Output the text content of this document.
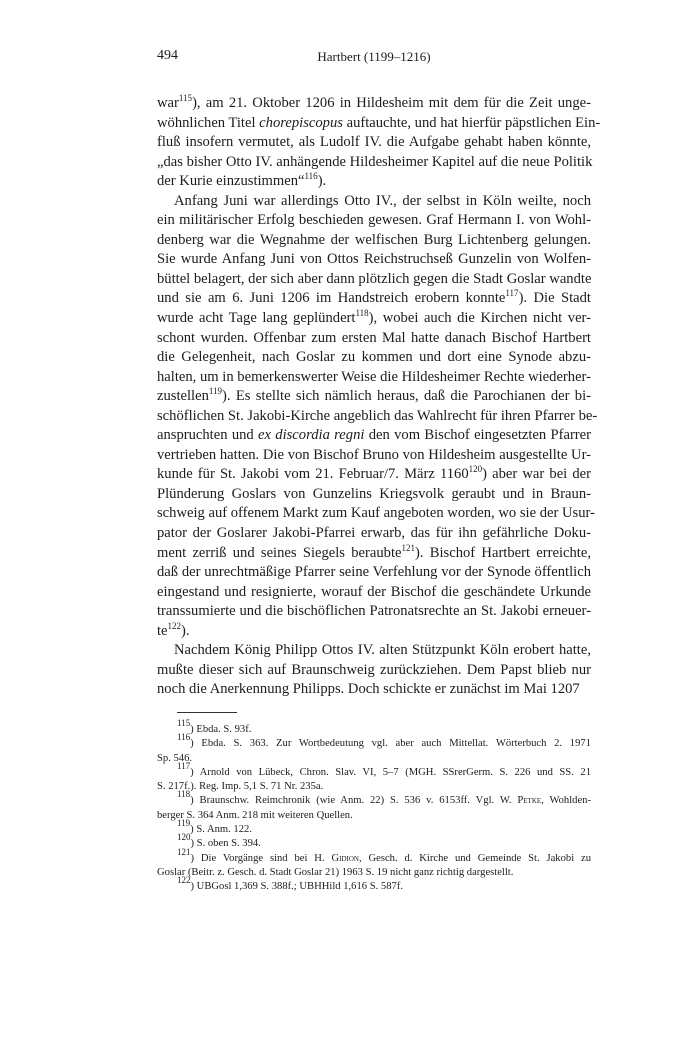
494	Hartbert (1199–1216)

war$^{115}$), am 21. Oktober 1206 in Hildesheim mit dem für die Zeit unge-
wöhnlichen Titel chorepiscopus auftauchte, und hat hierfür päpstlichen Ein-
fluß insofern vermutet, als Ludolf IV. die Aufgabe gehabt haben könnte,
„das bisher Otto IV. anhängende Hildesheimer Kapitel auf die neue Politik
der Kurie einzustimmen“$^{116}$).

Anfang Juni war allerdings Otto IV., der selbst in Köln weilte, noch
ein militärischer Erfolg beschieden gewesen. Graf Hermann I. von Wohl-
denberg war die Wegnahme der welfischen Burg Lichtenberg gelungen.
Sie wurde Anfang Juni von Ottos Reichstruchseß Gunzelin von Wolfen-
büttel belagert, der sich aber dann plötzlich gegen die Stadt Goslar wandte
und sie am 6. Juni 1206 im Handstreich erobern konnte$^{117}$). Die Stadt
wurde acht Tage lang geplündert$^{118}$), wobei auch die Kirchen nicht ver-
schont wurden. Offenbar zum ersten Mal hatte danach Bischof Hartbert
die Gelegenheit, nach Goslar zu kommen und dort eine Synode abzu-
halten, um in bemerkenswerter Weise die Hildesheimer Rechte wiederher-
zustellen$^{119}$). Es stellte sich nämlich heraus, daß die Parochianen der bi-
schöflichen St. Jakobi-Kirche angeblich das Wahlrecht für ihren Pfarrer be-
anspruchten und ex discordia regni den vom Bischof eingesetzten Pfarrer
vertrieben hatten. Die von Bischof Bruno von Hildesheim ausgestellte Ur-
kunde für St. Jakobi vom 21. Februar/7. März 1160$^{120}$) aber war bei der
Plünderung Goslars von Gunzelins Kriegsvolk geraubt und in Braun-
schweig auf offenem Markt zum Kauf angeboten worden, wo sie der Usur-
pator der Goslarer Jakobi-Pfarrei erwarb, das für ihn gefährliche Doku-
ment zerriß und seines Siegels beraubte$^{121}$). Bischof Hartbert erreichte,
daß der unrechtmäßige Pfarrer seine Verfehlung vor der Synode öffentlich
eingestand und resignierte, worauf der Bischof die geschändete Urkunde
transsumierte und die bischöflichen Patronatsrechte an St. Jakobi erneuer-
$te^{122}$).

Nachdem König Philipp Ottos IV. alten Stützpunkt Köln erobert hatte,
mußte dieser sich auf Braunschweig zurückziehen. Dem Papst blieb nur
noch die Anerkennung Philipps. Doch schickte er zunächst im Mai 1207

$^{115}$) Ebda. S. 93f.
$^{116}$) Ebda. S. 363. Zur Wortbedeutung vgl. aber auch Mittellat. Wörterbuch 2. 1971
Sp. 546.
$^{117}$) Arnold von Lübeck, Chron. Slav. VI, 5–7 (MGH. SSrerGerm. S. 226 und SS. 21
S. 217f.). Reg. Imp. 5,1 S. 71 Nr. 235a.
$^{118}$) Braunschw. Reimchronik (wie Anm. 22) S. 536 v. 6153ff. Vgl. W. Petke, Wohlden-
berger S. 364 Anm. 218 mit weiteren Quellen.
$^{119}$) S. Anm. 122.
$^{120}$) S. oben S. 394.
$^{121}$) Die Vorgänge sind bei H. Gidion, Gesch. d. Kirche und Gemeinde St. Jakobi zu
Goslar (Beitr. z. Gesch. d. Stadt Goslar 21) 1963 S. 19 nicht ganz richtig dargestellt.
$^{122}$) UBGosl 1,369 S. 388f.; UBHHild 1,616 S. 587f.
